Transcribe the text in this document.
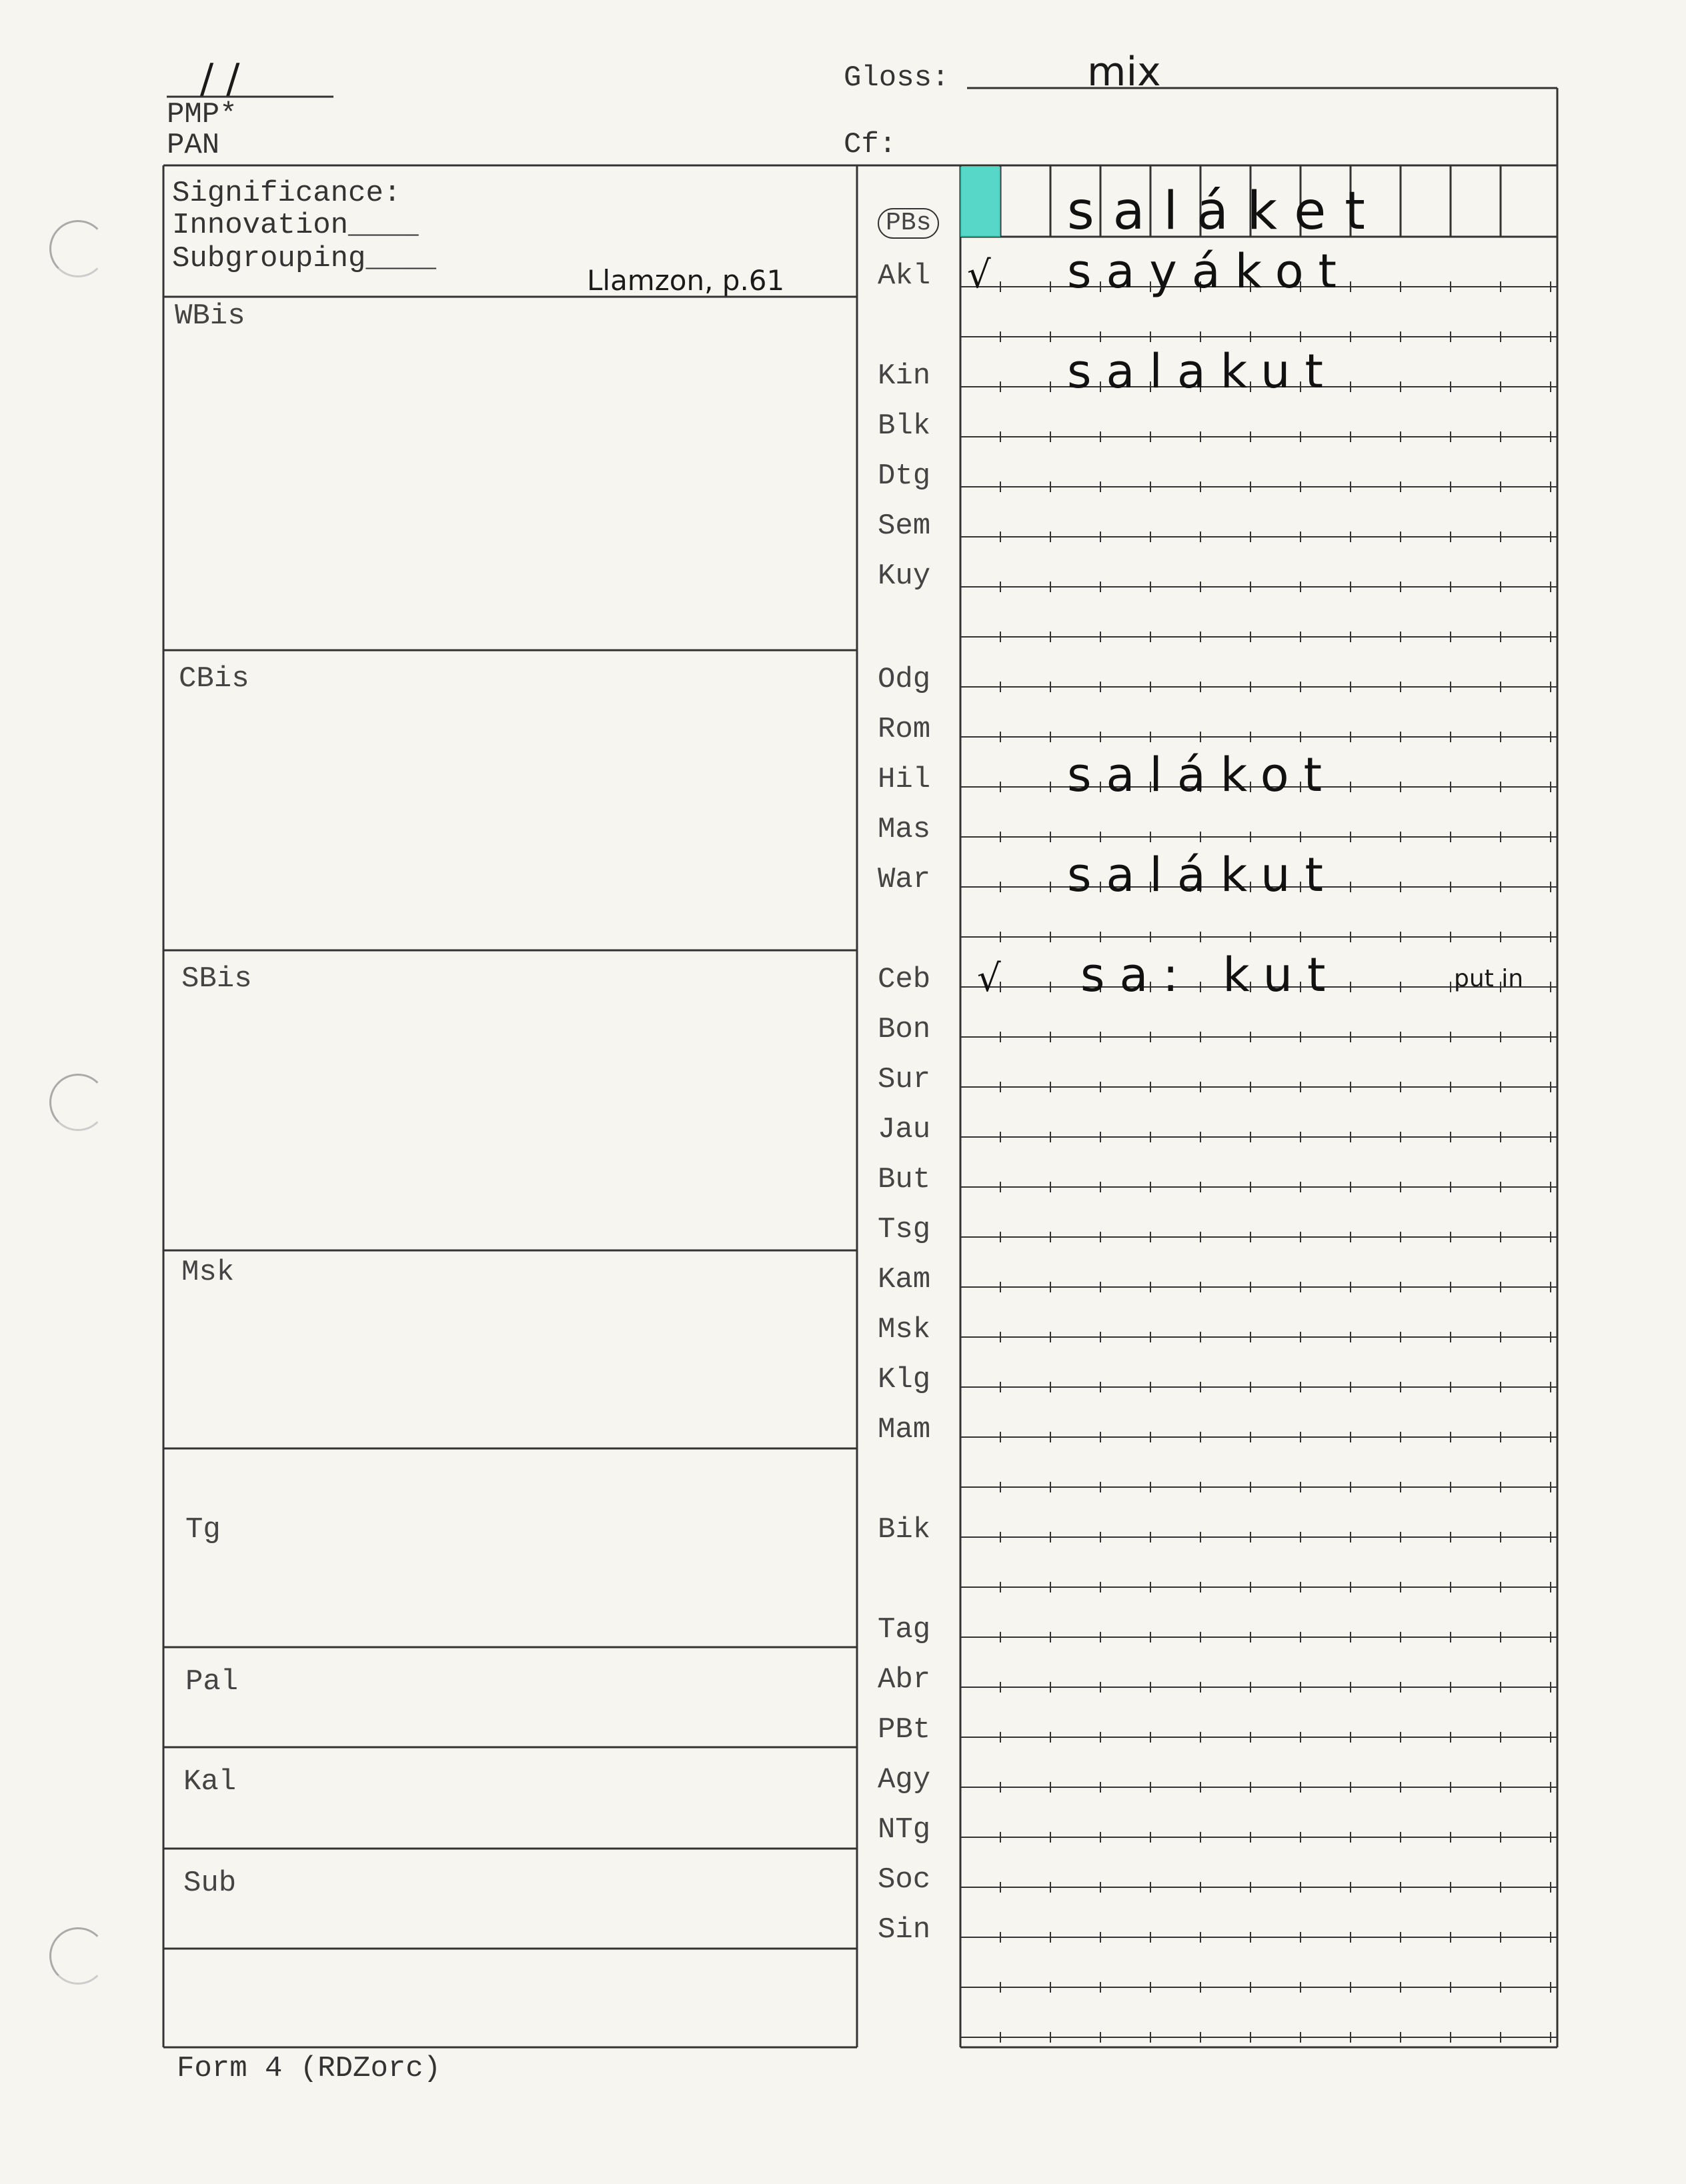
/ /
PMP*
PAN
Gloss:	mix
Cf:
Significance:
Innovation____
Subgrouping____
Llamzon, p.61
WBis
CBis
SBis
Msk
Tg
Pal
Kal
Sub
PBs
Akl
Kin
Blk
Dtg
Sem
Kuy
Odg
Rom
Hil
Mas
War
Ceb
Bon
Sur
Jau
But
Tsg
Kam
Msk
Klg
Mam
Bik
Tag
Abr
PBt
Agy
NTg
Soc
Sin
saláket
√ sayákot
salakut
salákot
salákut
√ sa: kut	put in
Form 4 (RDZorc)
